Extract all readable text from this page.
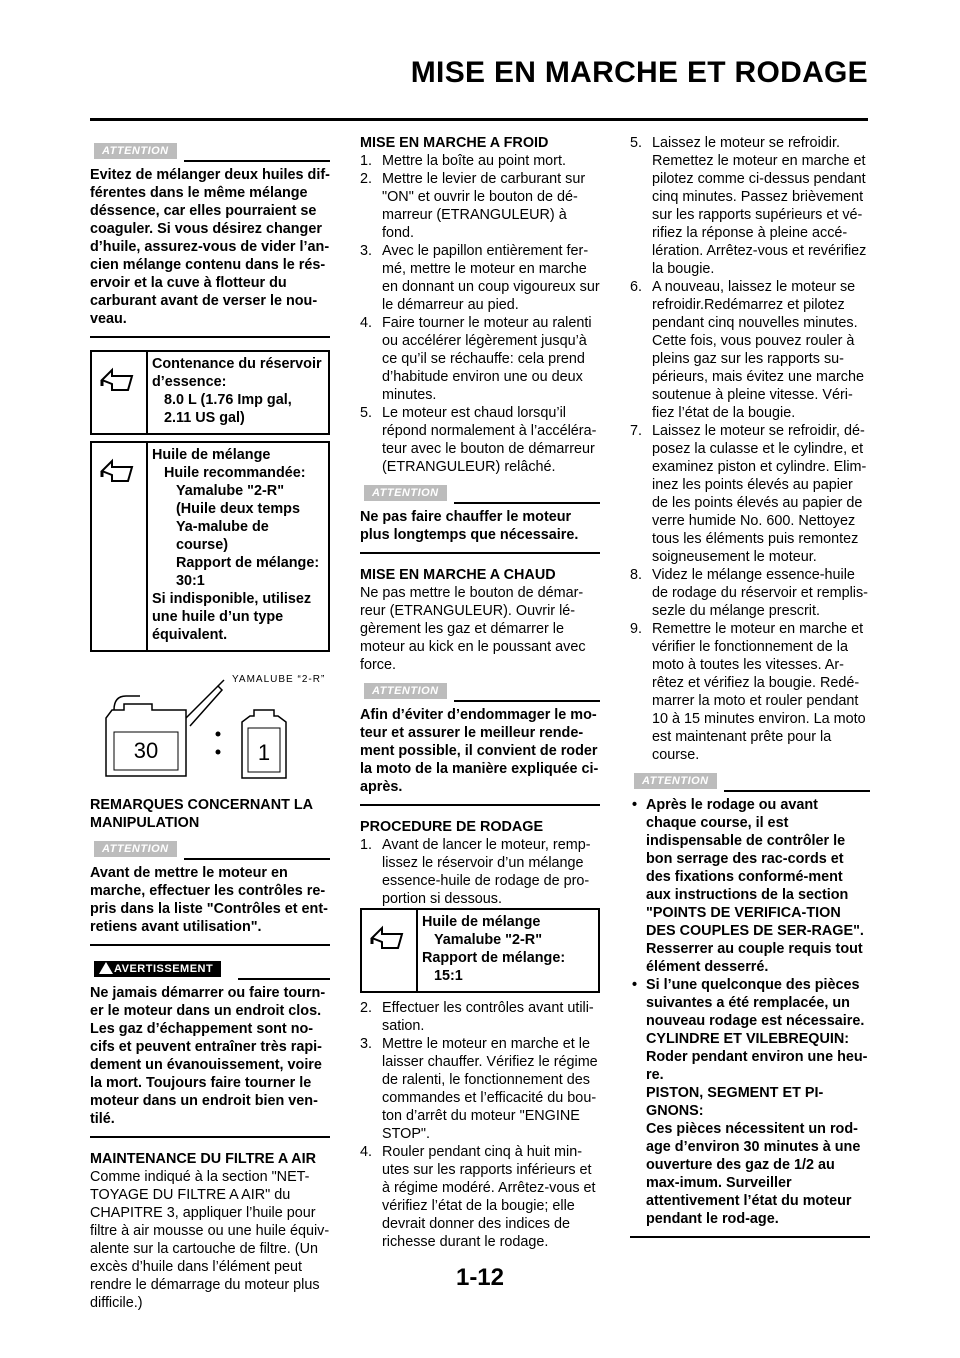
MISE EN MARCHE ET RODAGE
ATTENTION
Evitez de mélanger deux huiles dif-férentes dans le même mélange déssence, car elles pourraient se coaguler. Si vous désirez changer d’huile, assurez-vous de vider l’an-cien mélange contenu dans le rés-ervoir et la cuve à flotteur du carburant avant de verser le nou-veau.
Contenance du réservoir d’essence:
8.0 L (1.76 Imp gal, 2.11 US gal)
Huile de mélange
Huile recommandée:
Yamalube "2-R" (Huile deux temps Ya-malube de course)
Rapport de mélange: 30:1
Si indisponible, utilisez une huile d’un type équivalent.
YAMALUBE “2-R”
30	1
REMARQUES CONCERNANT LA MANIPULATION
ATTENTION
Avant de mettre le moteur en marche, effectuer les contrôles re-pris dans la liste "Contrôles et ent-retiens avant utilisation".
AVERTISSEMENT
Ne jamais démarrer ou faire tourn-er le moteur dans un endroit clos. Les gaz d’échappement sont no-cifs et peuvent entraîner très rapi-dement un évanouissement, voire la mort. Toujours faire tourner le moteur dans un endroit bien ven-tilé.
MAINTENANCE DU FILTRE A AIR
Comme indiqué à la section "NET-TOYAGE DU FILTRE A AIR" du CHAPITRE 3, appliquer l’huile pour filtre à air mousse ou une huile équiv-alente sur la cartouche de filtre. (Un excès d’huile dans l’élément peut rendre le démarrage du moteur plus difficile.)
MISE EN MARCHE A FROID
1. Mettre la boîte au point mort.
2. Mettre le levier de carburant sur "ON" et ouvrir le bouton de dé-marreur (ETRANGULEUR) à fond.
3. Avec le papillon entièrement fer-mé, mettre le moteur en marche en donnant un coup vigoureux sur le démarreur au pied.
4. Faire tourner le moteur au ralenti ou accélérer légèrement jusqu’à ce qu’il se réchauffe: cela prend d’habitude environ une ou deux minutes.
5. Le moteur est chaud lorsqu’il répond normalement à l’accéléra-teur avec le bouton de démarreur (ETRANGULEUR) relâché.
ATTENTION
Ne pas faire chauffer le moteur plus longtemps que nécessaire.
MISE EN MARCHE A CHAUD
Ne pas mettre le bouton de démar-reur (ETRANGULEUR). Ouvrir lé-gèrement les gaz et démarrer le moteur au kick en le poussant avec force.
ATTENTION
Afin d’éviter d’endommager le mo-teur et assurer le meilleur rende-ment possible, il convient de roder la moto de la manière expliquée ci-après.
PROCEDURE DE RODAGE
1. Avant de lancer le moteur, remp-lissez le réservoir d’un mélange essence-huile de rodage de pro-portion si dessous.
Huile de mélange
Yamalube "2-R"
Rapport de mélange:
15:1
2. Effectuer les contrôles avant utili-sation.
3. Mettre le moteur en marche et le laisser chauffer. Vérifiez le régime de ralenti, le fonctionnement des commandes et l’efficacité du bou-ton d’arrêt du moteur "ENGINE STOP".
4. Rouler pendant cinq à huit min-utes sur les rapports inférieurs et à régime modéré. Arrêtez-vous et vérifiez l’état de la bougie; elle devrait donner des indices de richesse durant le rodage.
5. Laissez le moteur se refroidir. Remettez le moteur en marche et pilotez comme ci-dessus pendant cinq minutes. Passez brièvement sur les rapports supérieurs et vé-rifiez la réponse à pleine accé-lération. Arrêtez-vous et revérifiez la bougie.
6. A nouveau, laissez le moteur se refroidir.Redémarrez et pilotez pendant cinq nouvelles minutes. Cette fois, vous pouvez rouler à pleins gaz sur les rapports su-périeurs, mais évitez une marche soutenue à pleine vitesse. Véri-fiez l’état de la bougie.
7. Laissez le moteur se refroidir, dé-posez la culasse et le cylindre, et examinez piston et cylindre. Elim-inez les points élevés au papier de les points élevés au papier de verre humide No. 600. Nettoyez tous les éléments puis remontez soigneusement le moteur.
8. Videz le mélange essence-huile de rodage du réservoir et remplis-sezle du mélange prescrit.
9. Remettre le moteur en marche et vérifier le fonctionnement de la moto à toutes les vitesses. Ar-rêtez et vérifiez la bougie. Redé-marrer la moto et rouler pendant 10 à 15 minutes environ. La moto est maintenant prête pour la course.
ATTENTION
• Après le rodage ou avant chaque course, il est indispensable de contrôler le bon serrage des rac-cords et des fixations conformé-ment aux instructions de la section "POINTS DE VERIFICA-TION DES COUPLES DE SER-RAGE". Resserrer au couple requis tout élément desserré.
• Si l’une quelconque des pièces suivantes a été remplacée, un nouveau rodage est nécessaire.
CYLINDRE ET VILEBREQUIN:
Roder pendant environ une heu-re.
PISTON, SEGMENT ET PI-GNONS:
Ces pièces nécessitent un rod-age d’environ 30 minutes à une ouverture des gaz de 1/2 au max-imum. Surveiller attentivement l’état du moteur pendant le rod-age.
1-12
